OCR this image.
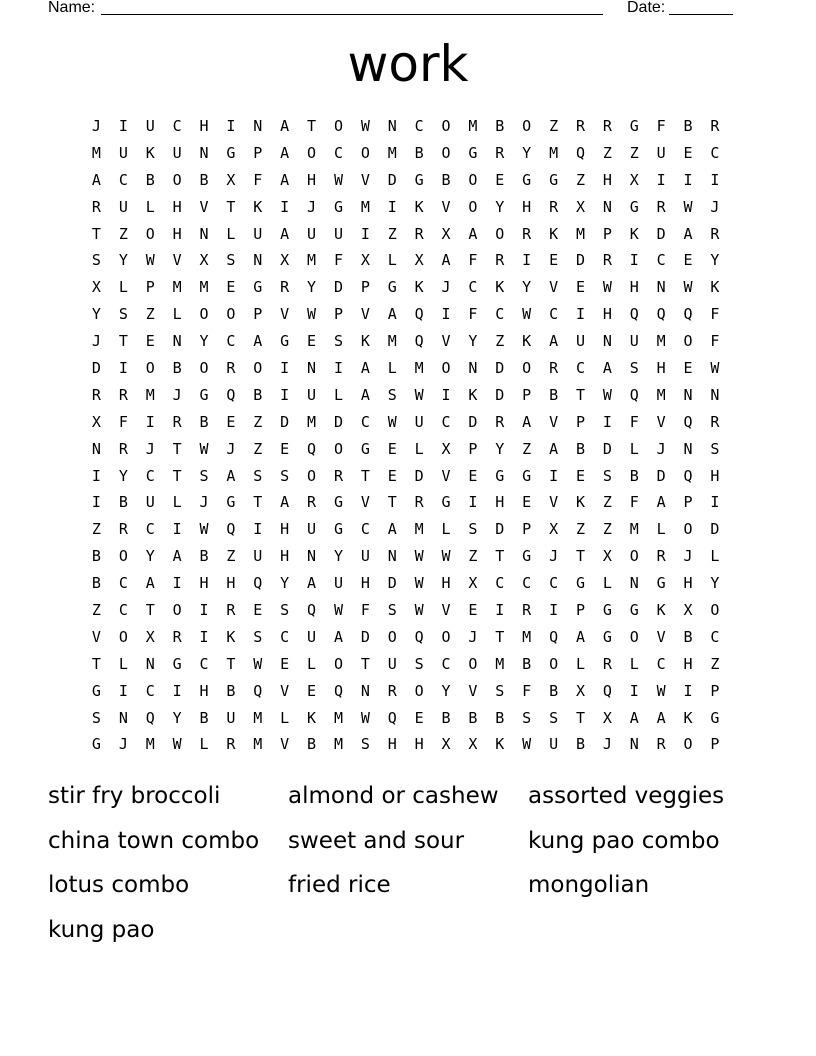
Name:	Date:
work
J	I	U	C	H	I	N	A	T	O	W	N	C	O	M	B	O	Z	R	R	G	F	B	R
M	U	K	U	N	G	P	A	O	C	O	M	B	O	G	R	Y	M	Q	Z	Z	U	E	C
A	C	B	O	B	X	F	A	H	W	V	D	G	B	O	E	G	G	Z	H	X	I	I	I
R	U	L	H	V	T	K	I	J	G	M	I	K	V	O	Y	H	R	X	N	G	R	W	J
T	Z	O	H	N	L	U	A	U	U	I	Z	R	X	A	O	R	K	M	P	K	D	A	R
S	Y	W	V	X	S	N	X	M	F	X	L	X	A	F	R	I	E	D	R	I	C	E	Y
X	L	P	M	M	E	G	R	Y	D	P	G	K	J	C	K	Y	V	E	W	H	N	W	K
Y	S	Z	L	O	O	P	V	W	P	V	A	Q	I	F	C	W	C	I	H	Q	Q	Q	F
J	T	E	N	Y	C	A	G	E	S	K	M	Q	V	Y	Z	K	A	U	N	U	M	O	F
D	I	O	B	O	R	O	I	N	I	A	L	M	O	N	D	O	R	C	A	S	H	E	W
R	R	M	J	G	Q	B	I	U	L	A	S	W	I	K	D	P	B	T	W	Q	M	N	N
X	F	I	R	B	E	Z	D	M	D	C	W	U	C	D	R	A	V	P	I	F	V	Q	R
N	R	J	T	W	J	Z	E	Q	O	G	E	L	X	P	Y	Z	A	B	D	L	J	N	S
I	Y	C	T	S	A	S	S	O	R	T	E	D	V	E	G	G	I	E	S	B	D	Q	H
I	B	U	L	J	G	T	A	R	G	V	T	R	G	I	H	E	V	K	Z	F	A	P	I
Z	R	C	I	W	Q	I	H	U	G	C	A	M	L	S	D	P	X	Z	Z	M	L	O	D
B	O	Y	A	B	Z	U	H	N	Y	U	N	W	W	Z	T	G	J	T	X	O	R	J	L
B	C	A	I	H	H	Q	Y	A	U	H	D	W	H	X	C	C	C	G	L	N	G	H	Y
Z	C	T	O	I	R	E	S	Q	W	F	S	W	V	E	I	R	I	P	G	G	K	X	O
V	O	X	R	I	K	S	C	U	A	D	O	Q	O	J	T	M	Q	A	G	O	V	B	C
T	L	N	G	C	T	W	E	L	O	T	U	S	C	O	M	B	O	L	R	L	C	H	Z
G	I	C	I	H	B	Q	V	E	Q	N	R	O	Y	V	S	F	B	X	Q	I	W	I	P
S	N	Q	Y	B	U	M	L	K	M	W	Q	E	B	B	B	S	S	T	X	A	A	K	G
G	J	M	W	L	R	M	V	B	M	S	H	H	X	X	K	W	U	B	J	N	R	O	P
stir fry broccoli	almond or cashew	assorted veggies
china town combo	sweet and sour	kung pao combo
lotus combo	fried rice	mongolian
kung pao
